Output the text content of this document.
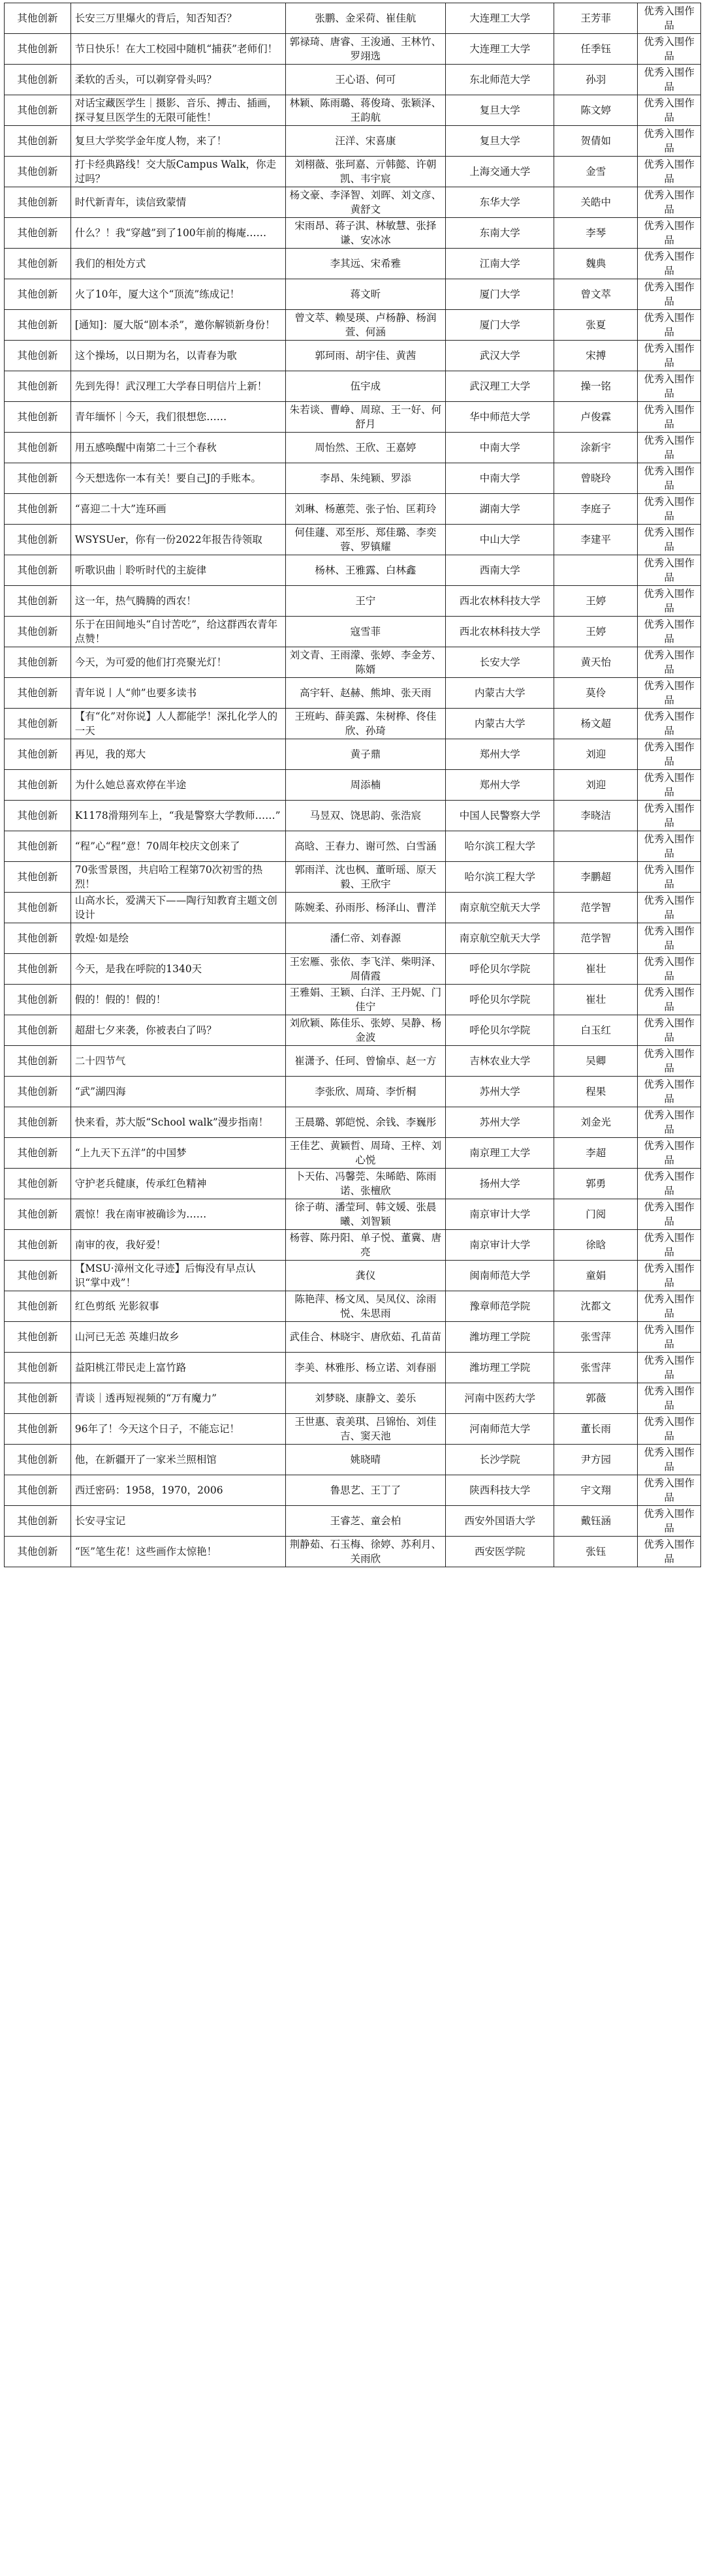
其他创新	长安三万里爆火的背后，知否知否？	张鹏、金采荷、崔佳航	大连理工大学	王芳菲	优秀入围作品
其他创新	节日快乐！在大工校园中随机“捕获”老师们！	郭禄琦、唐睿、王浚通、王林竹、罗翊选	大连理工大学	任季钰	优秀入围作品
其他创新	柔软的舌头，可以剃穿骨头吗？	王心语、何可	东北师范大学	孙羽	优秀入围作品
其他创新	对话宝藏医学生｜摄影、音乐、搏击、插画，探寻复旦医学生的无限可能性！	林颖、陈雨璐、蒋俊琦、张颖泽、王韵航	复旦大学	陈文婷	优秀入围作品
其他创新	复旦大学奖学金年度人物，来了！	汪洋、宋喜康	复旦大学	贺倩如	优秀入围作品
其他创新	打卡经典路线！交大版Campus Walk，你走过吗？	刘栩薇、张珂嘉、亓韩懿、许朝凯、韦宇宸	上海交通大学	金雪	优秀入围作品
其他创新	时代新青年，读信致蒙情	杨文豪、李泽智、刘晖、刘文彦、黄舒文	东华大学	关皓中	优秀入围作品
其他创新	什么？！我“穿越”到了100年前的梅庵……	宋雨昂、蒋子淇、林敏慧、张择谦、安冰冰	东南大学	李琴	优秀入围作品
其他创新	我们的相处方式	李其远、宋希雅	江南大学	魏典	优秀入围作品
其他创新	火了10年，厦大这个“顶流”练成记！	蒋文昕	厦门大学	曾文萃	优秀入围作品
其他创新	[通知]：厦大版“剧本杀”，邀你解锁新身份！	曾文萃、赖旻瑛、卢杨静、杨润萱、何涵	厦门大学	张夏	优秀入围作品
其他创新	这个操场，以日期为名，以青春为歌	郭珂雨、胡宇佳、黄茜	武汉大学	宋搏	优秀入围作品
其他创新	先到先得！武汉理工大学春日明信片上新！	伍宇成	武汉理工大学	操一铭	优秀入围作品
其他创新	青年缅怀｜今天，我们很想您……	朱若谈、曹峥、周琼、王一好、何舒月	华中师范大学	卢俊霖	优秀入围作品
其他创新	用五感唤醒中南第二十三个春秋	周怡然、王欣、王嘉婷	中南大学	涂新宇	优秀入围作品
其他创新	今天想选你一本有关！要自己J的手账本。	李昂、朱纯颖、罗添	中南大学	曾晓玲	优秀入围作品
其他创新	“喜迎二十大”连环画	刘琳、杨蕙莞、张子怡、匡莉玲	湖南大学	李庭子	优秀入围作品
其他创新	WSYSUer，你有一份2022年报告待领取	何佳蘧、邓至彤、郑佳璐、李奕蓉、罗镇耀	中山大学	李建平	优秀入围作品
其他创新	听歌识曲｜聆听时代的主旋律	杨林、王雅露、白林鑫	西南大学		优秀入围作品
其他创新	这一年，热气腾腾的西农！	王宁	西北农林科技大学	王婷	优秀入围作品
其他创新	乐于在田间地头“自讨苦吃”，给这群西农青年点赞！	寇雪菲	西北农林科技大学	王婷	优秀入围作品
其他创新	今天，为可爱的他们打亮聚光灯！	刘文青、王雨濛、张婷、李金芳、陈婿	长安大学	黄天怡	优秀入围作品
其他创新	青年说丨人“帅”也要多读书	高宇轩、赵赫、熊坤、张天雨	内蒙古大学	莫伶	优秀入围作品
其他创新	【有“化”对你说】人人都能学！深扎化学人的一天	王班屿、薛美露、朱树桦、佟佳欣、孙琦	内蒙古大学	杨文超	优秀入围作品
其他创新	再见，我的郑大	黄子鼎	郑州大学	刘迎	优秀入围作品
其他创新	为什么她总喜欢停在半途	周添楠	郑州大学	刘迎	优秀入围作品
其他创新	K1178滑翔列车上，“我是警察大学教师……”	马昱双、饶思韵、张浩宸	中国人民警察大学	李晓洁	优秀入围作品
其他创新	“程”心“程”意！70周年校庆文创来了	高晗、王春力、谢可然、白雪涵	哈尔滨工程大学		优秀入围作品
其他创新	70张雪景图，共启哈工程第70次初雪的热烈！	郭雨洋、沈也枫、董昕瑶、原天毅、王欣宇	哈尔滨工程大学	李鹏超	优秀入围作品
其他创新	山高水长，爱满天下——陶行知教育主题文创设计	陈婉柔、孙雨彤、杨泽山、曹洋	南京航空航天大学	范学智	优秀入围作品
其他创新	敦煌·如是绘	潘仁帝、刘春源	南京航空航天大学	范学智	优秀入围作品
其他创新	今天，是我在呼院的1340天	王宏雁、张依、李飞洋、柴明泽、周倩霞	呼伦贝尔学院	崔壮	优秀入围作品
其他创新	假的！假的！假的！	王雅娟、王颖、白洋、王丹妮、门佳宁	呼伦贝尔学院	崔壮	优秀入围作品
其他创新	超甜七夕来袭，你被表白了吗？	刘欣颖、陈佳乐、张婷、吴静、杨金波	呼伦贝尔学院	白玉红	优秀入围作品
其他创新	二十四节气	崔潇予、任珂、曾愉卓、赵一方	吉林农业大学	吴卿	优秀入围作品
其他创新	“武”湖四海	李张欣、周琦、李忻桐	苏州大学	程果	优秀入围作品
其他创新	快来看，苏大版“School walk”漫步指南！	王晨璐、郭皑悦、余钱、李巍彤	苏州大学	刘金光	优秀入围作品
其他创新	“上九天下五洋”的中国梦	王佳艺、黄颖哲、周琦、王梓、刘心悦	南京理工大学	李超	优秀入围作品
其他创新	守护老兵健康，传承红色精神	卜天佑、冯馨莞、朱晞皓、陈雨诺、张檀欣	扬州大学	郭勇	优秀入围作品
其他创新	震惊！我在南审被确诊为……	徐子萌、潘莹珂、韩文媛、张晨曦、刘智颖	南京审计大学	门阅	优秀入围作品
其他创新	南审的夜，我好爱！	杨蓉、陈丹阳、单子悦、董冀、唐亮	南京审计大学	徐晗	优秀入围作品
其他创新	【MSU·漳州文化寻迹】后悔没有早点认识“掌中戏”！	龚仪	闽南师范大学	童娟	优秀入围作品
其他创新	红色剪纸 光影叙事	陈艳萍、杨文凤、吴凤仪、涂雨悦、朱思雨	豫章师范学院	沈都文	优秀入围作品
其他创新	山河已无恙 英雄归故乡	武佳合、林晓宇、唐欣茹、孔苗苗	潍坊理工学院	张雪萍	优秀入围作品
其他创新	益阳桃江带民走上富竹路	李美、林雅彤、杨立诺、刘春丽	潍坊理工学院	张雪萍	优秀入围作品
其他创新	青谈｜透再短视频的“万有魔力”	刘梦晓、康静文、姜乐	河南中医药大学	郭薇	优秀入围作品
其他创新	96年了！今天这个日子，不能忘记！	王世惠、袁美琪、吕锦怡、刘佳吉、窦天池	河南师范大学	董长雨	优秀入围作品
其他创新	他，在新疆开了一家米兰照相馆	姚晓晴	长沙学院	尹方园	优秀入围作品
其他创新	西迁密码：1958，1970，2006	鲁思艺、王丁了	陕西科技大学	宇文翔	优秀入围作品
其他创新	长安寻宝记	王睿芝、童会柏	西安外国语大学	戴钰涵	优秀入围作品
其他创新	“医”笔生花！这些画作太惊艳！	荆静茹、石玉梅、徐婷、苏利月、关雨欣	西安医学院	张钰	优秀入围作品
